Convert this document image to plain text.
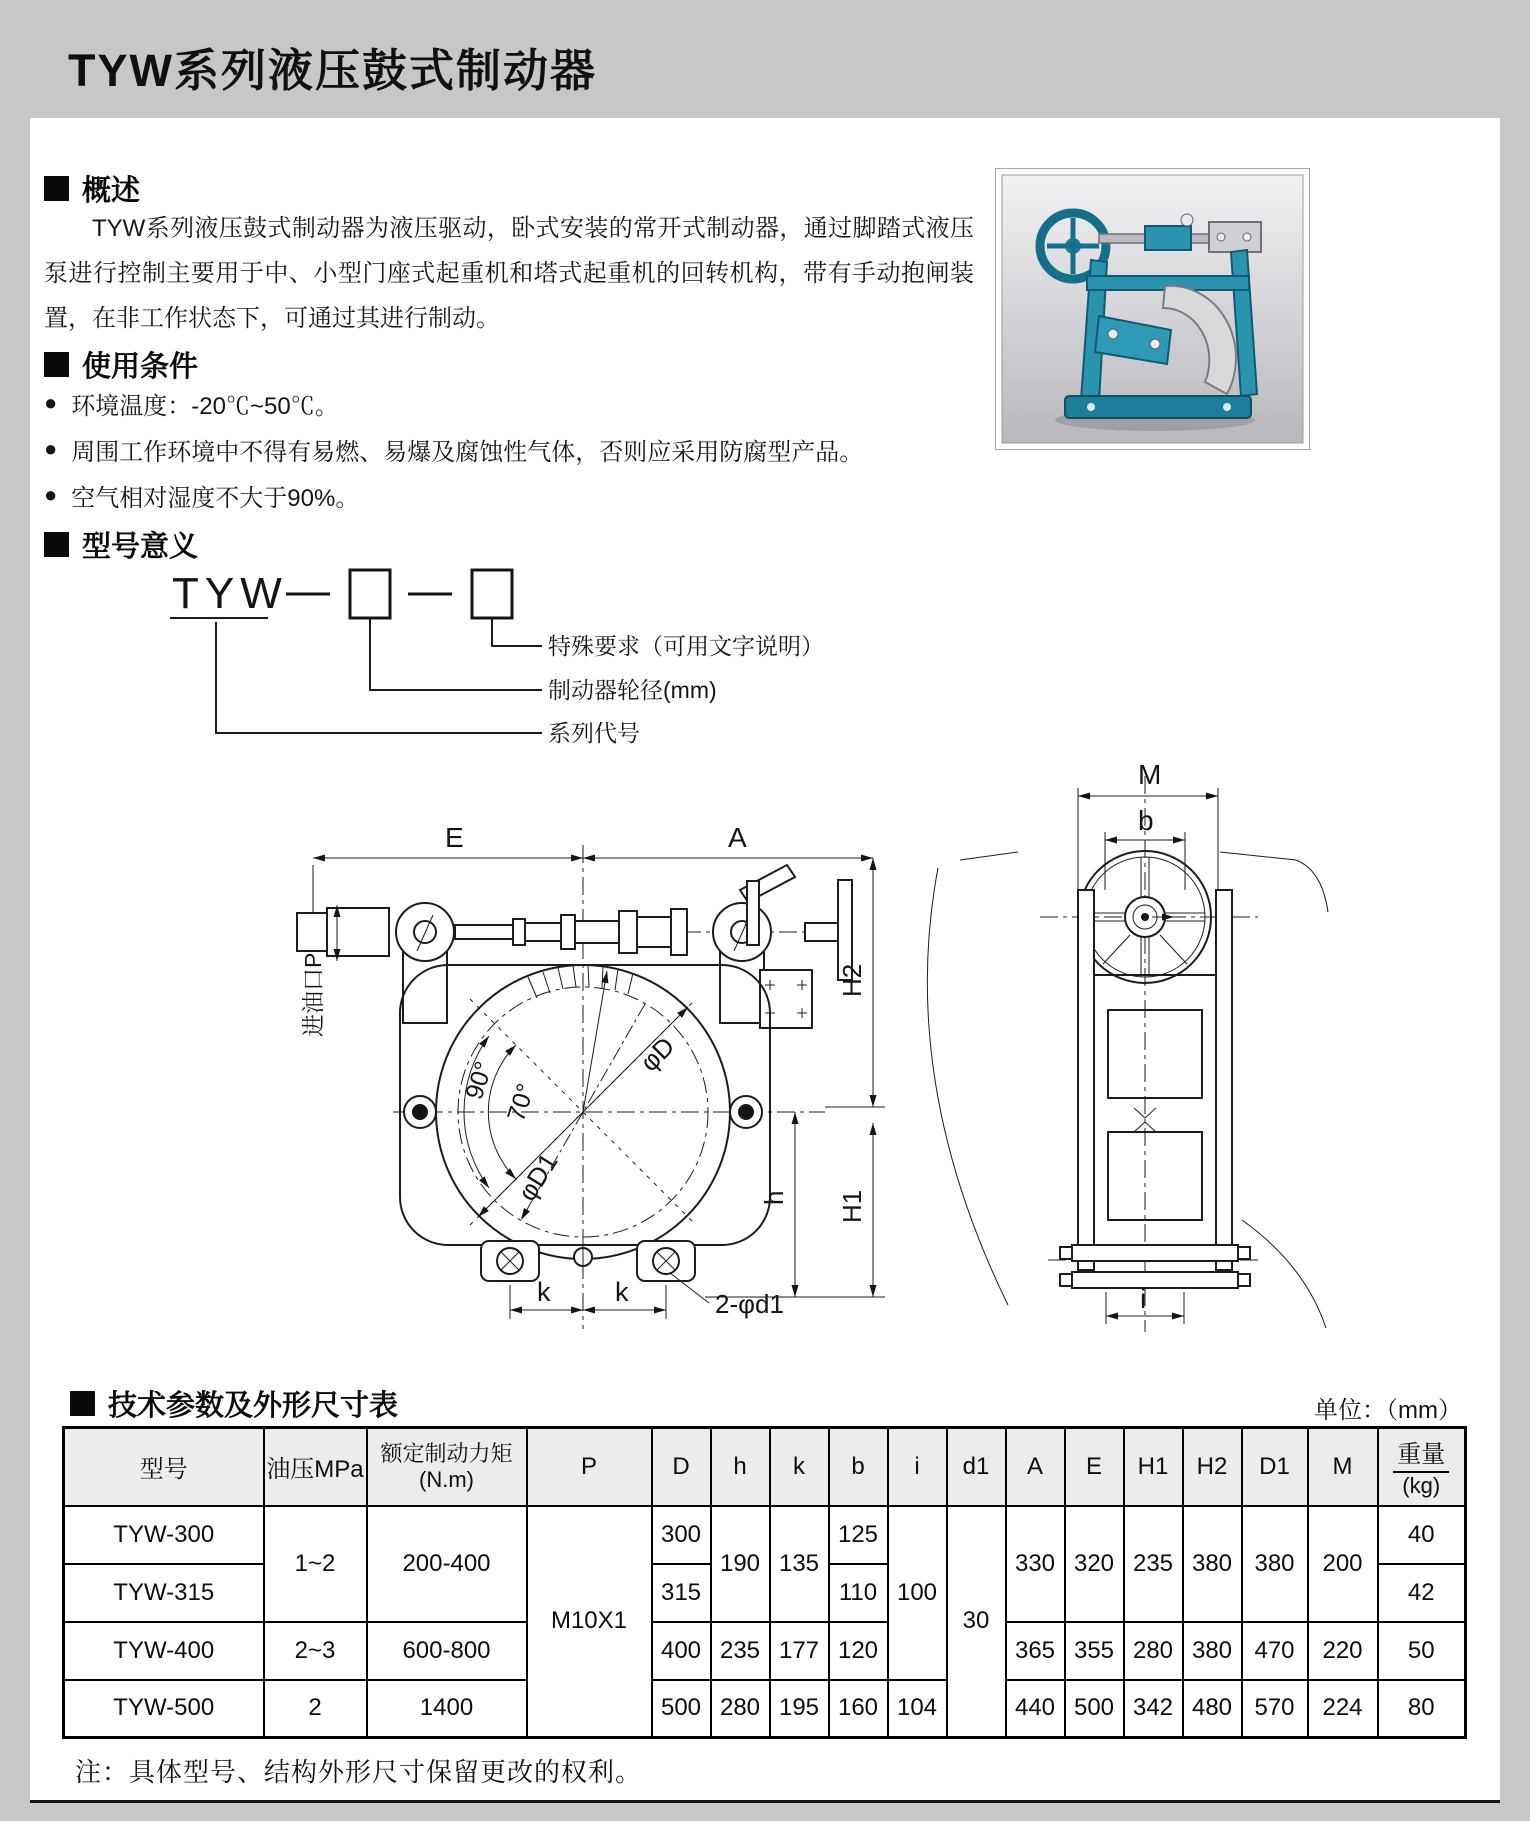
TYW系列液压鼓式制动器
概述
TYW系列液压鼓式制动器为液压驱动，卧式安装的常开式制动器，通过脚踏式液压泵进行控制主要用于中、小型门座式起重机和塔式起重机的回转机构，带有手动抱闸装置，在非工作状态下，可通过其进行制动。
使用条件
● 环境温度：-20℃~50℃。
● 周围工作环境中不得有易燃、易爆及腐蚀性气体，否则应采用防腐型产品。
● 空气相对湿度不大于90%。
型号意义
TYW
特殊要求（可用文字说明）
制动器轮径(mm)
系列代号
E	A
进油口P
φD
φD1
90° 70°
k k	2-φd1
H2
H1
h
M
b
i
技术参数及外形尺寸表	单位：（mm）
型号	油压MPa	额定制动力矩
(N.m)	P	D	h	k	b	i	d1	A	E	H1	H2	D1	M	重量
(kg)

TYW-300	1~2	200-400	M10X1	300	190	135	125	100	30	330	320	235	380	380	200	40
TYW-315				315			110									42
TYW-400	2~3	600-800		400	235	177	120			365	355	280	380	470	220	50
TYW-500	2	1400		500	280	195	160	104		440	500	342	480	570	224	80
注：具体型号、结构外形尺寸保留更改的权利。
